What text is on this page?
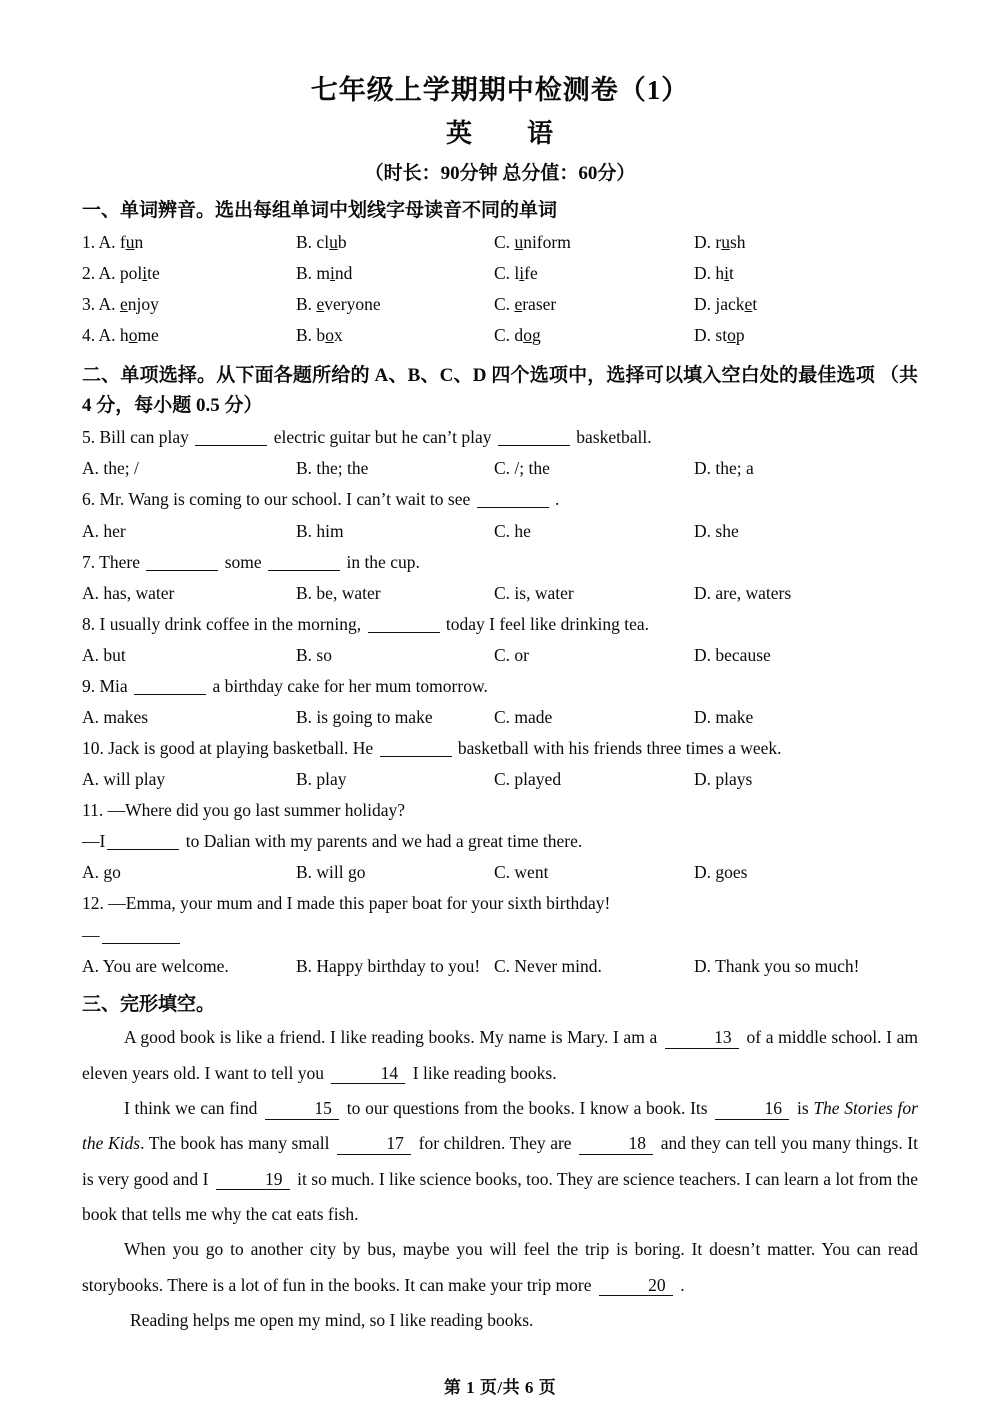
七年级上学期期中检测卷（1）
英　　语
（时长：90分钟 总分值：60分）
一、单词辨音。选出每组单词中划线字母读音不同的单词
1. A. fun	B. club	C. uniform	D. rush
2. A. polite	B. mind	C. life	D. hit
3. A. enjoy	B. everyone	C. eraser	D. jacket
4. A. home	B. box	C. dog	D. stop
二、单项选择。从下面各题所给的 A、B、C、D 四个选项中，选择可以填入空白处的最佳选项 （共 4 分，每小题 0.5 分）
5. Bill can play	electric guitar but he can’t play	basketball.
A. the; /	B. the; the	C. /; the	D. the; a
6. Mr. Wang is coming to our school. I can’t wait to see	.
A. her	B. him	C. he	D. she
7. There	some	in the cup.
A. has, water	B. be, water	C. is, water	D. are, waters
8. I usually drink coffee in the morning,	today I feel like drinking tea.
A. but	B. so	C. or	D. because
9. Mia	a birthday cake for her mum tomorrow.
A. makes	B. is going to make	C. made	D. make
10. Jack is good at playing basketball. He	basketball with his friends three times a week.
A. will play	B. play	C. played	D. plays
11. —Where did you go last summer holiday?
—I	to Dalian with my parents and we had a great time there.
A. go	B. will go	C. went	D. goes
12. —Emma, your mum and I made this paper boat for your sixth birthday!
—
A. You are welcome.	B. Happy birthday to you! C. Never mind.	D. Thank you so much!
三、完形填空。
A good book is like a friend. I like reading books. My name is Mary. I am a	13 of a middle school. I am eleven years old. I want to tell you	14 I like reading books.
I think we can find	15 to our questions from the books. I know a book. Its	16 is The Stories for the Kids. The book has many small	17 for children. They are	18 and they can tell you many things. It is very good and I	19 it so much. I like science books, too. They are science teachers. I can learn a lot from the book that tells me why the cat eats fish.
When you go to another city by bus, maybe you will feel the trip is boring. It doesn’t matter. You can read storybooks. There is a lot of fun in the books. It can make your trip more	20 .
Reading helps me open my mind, so I like reading books.
第 1 页/共 6 页
